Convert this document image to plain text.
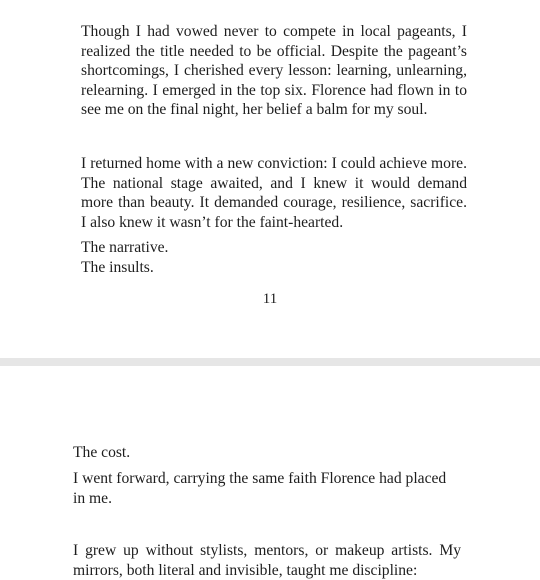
Though I had vowed never to compete in local pageants, I realized the title needed to be official. Despite the pageant’s shortcomings, I cherished every lesson: learning, unlearning, relearning. I emerged in the top six. Florence had flown in to see me on the final night, her belief a balm for my soul.

I returned home with a new conviction: I could achieve more. The national stage awaited, and I knew it would demand more than beauty. It demanded courage, resilience, sacrifice. I also knew it wasn’t for the faint-hearted.

The narrative.

The insults.

11

The cost.

I went forward, carrying the same faith Florence had placed in me.

I grew up without stylists, mentors, or makeup artists. My mirrors, both literal and invisible, taught me discipline:
